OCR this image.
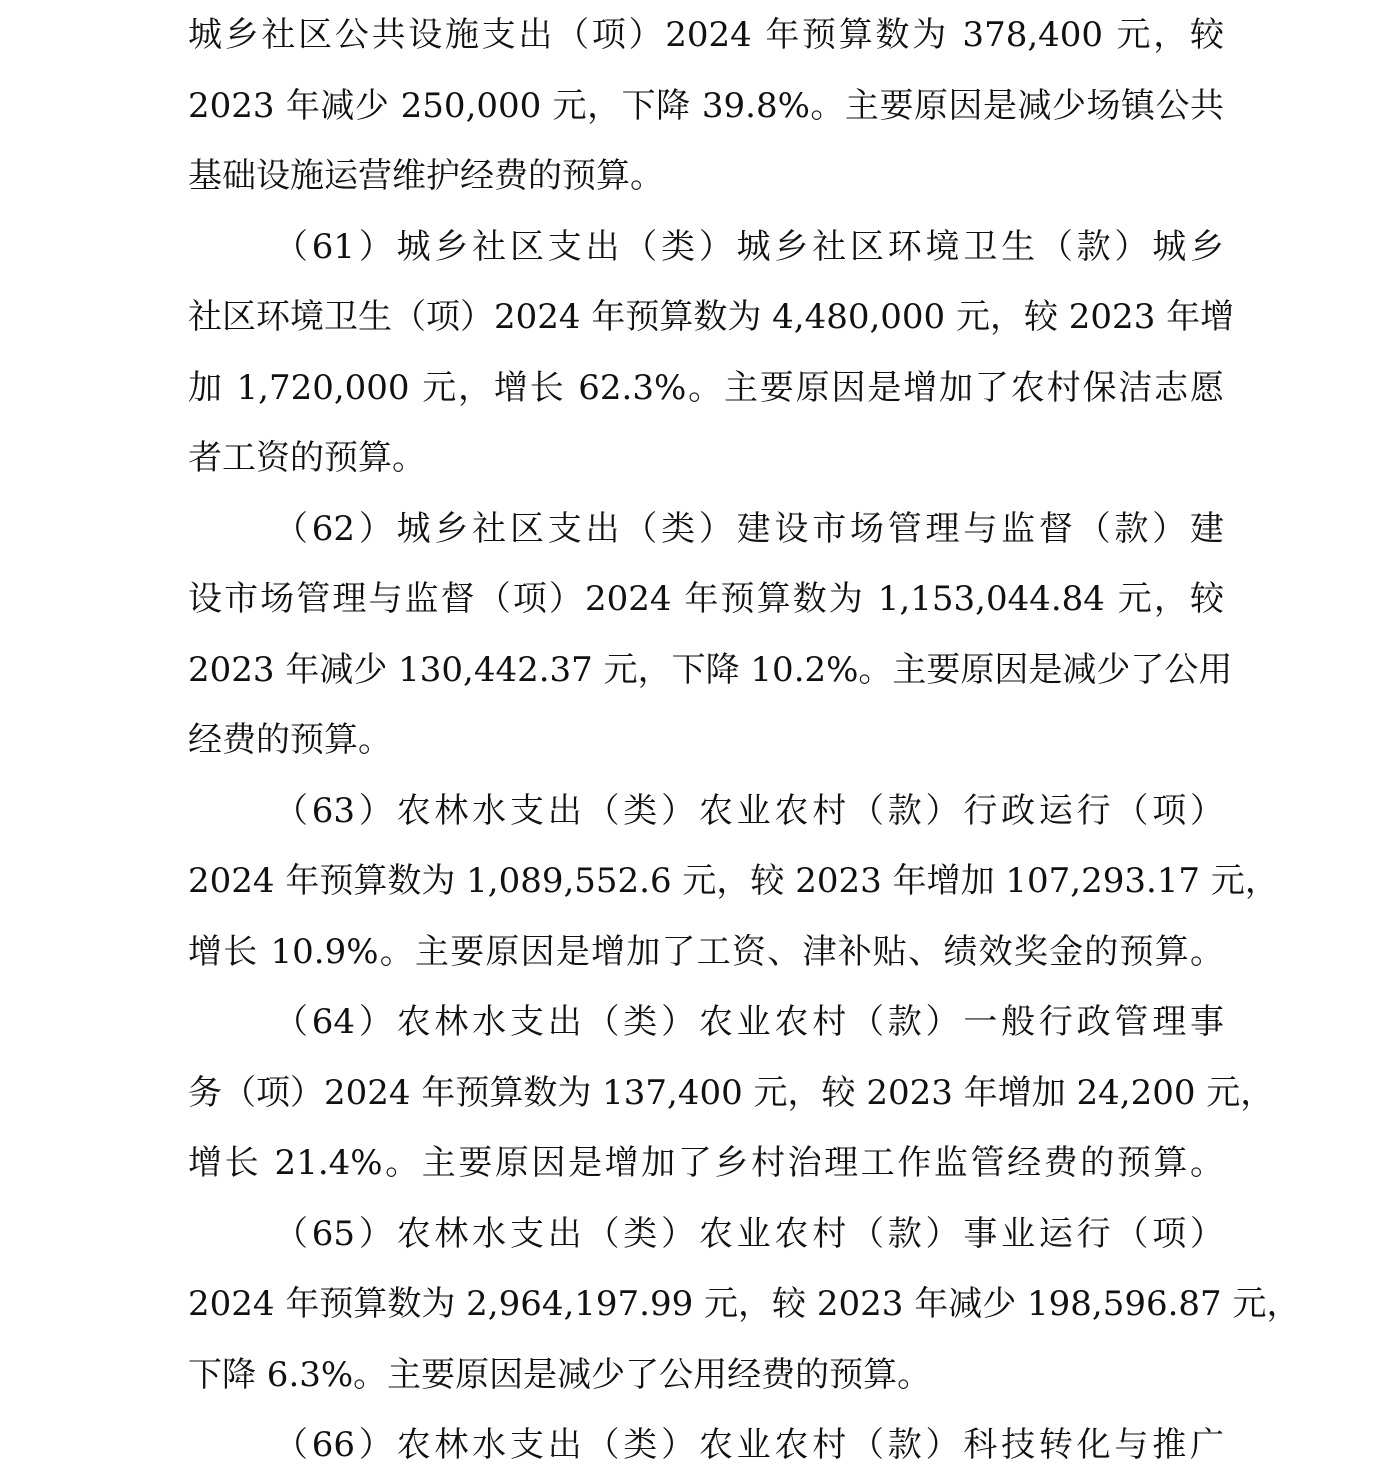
城乡社区公共设施支出（项）2024 年预算数为 378,400 元，较
2023 年减少 250,000 元，下降 39.8%。主要原因是减少场镇公共
基础设施运营维护经费的预算。
（61）城乡社区支出（类）城乡社区环境卫生（款）城乡
社区环境卫生（项）2024 年预算数为 4,480,000 元，较 2023 年增
加 1,720,000 元，增长 62.3%。主要原因是增加了农村保洁志愿
者工资的预算。
（62）城乡社区支出（类）建设市场管理与监督（款）建
设市场管理与监督（项）2024 年预算数为 1,153,044.84 元，较
2023 年减少 130,442.37 元，下降 10.2%。主要原因是减少了公用
经费的预算。
（63）农林水支出（类）农业农村（款）行政运行（项）
2024 年预算数为 1,089,552.6 元，较 2023 年增加 107,293.17 元，
增长 10.9%。主要原因是增加了工资、津补贴、绩效奖金的预算。
（64）农林水支出（类）农业农村（款）一般行政管理事
务（项）2024 年预算数为 137,400 元，较 2023 年增加 24,200 元，
增长 21.4%。主要原因是增加了乡村治理工作监管经费的预算。
（65）农林水支出（类）农业农村（款）事业运行（项）
2024 年预算数为 2,964,197.99 元，较 2023 年减少 198,596.87 元，
下降 6.3%。主要原因是减少了公用经费的预算。
（66）农林水支出（类）农业农村（款）科技转化与推广
